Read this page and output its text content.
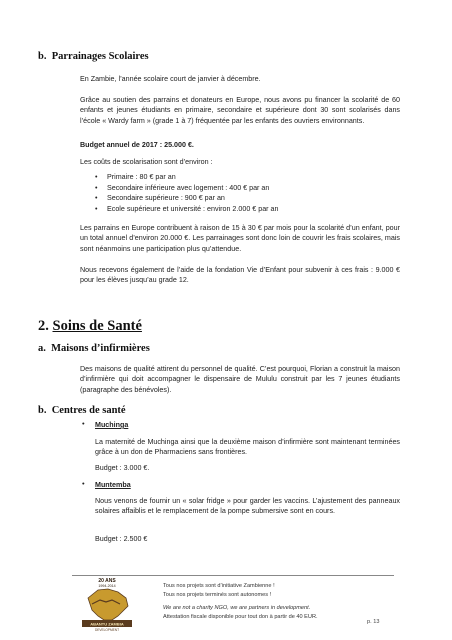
b.  Parrainages Scolaires
En Zambie, l’année scolaire court de janvier à décembre.
Grâce au soutien des parrains et donateurs en Europe, nous avons pu financer la scolarité de 60 enfants et jeunes étudiants en primaire, secondaire et supérieure dont 30 sont scolarisés dans l’école « Wardy farm » (grade 1 à 7) fréquentée par les enfants des ouvriers environnants.
Budget annuel de 2017 : 25.000 €.
Les coûts de scolarisation sont d’environ :
• Primaire : 80 € par an
• Secondaire inférieure avec logement : 400 € par an
• Secondaire supérieure : 900 € par an
• Ecole supérieure et université : environ 2.000 € par an
Les parrains en Europe contribuent à raison de 15 à 30 € par mois pour la scolarité d’un enfant, pour un total annuel d’environ 20.000 €. Les parrainages sont donc loin de couvrir les frais scolaires, mais sont néanmoins une participation plus qu’attendue.
Nous recevons également de l’aide de la fondation Vie d’Enfant pour subvenir à ces frais : 9.000 € pour les élèves jusqu’au grade 12.
2. Soins de Santé
a.  Maisons d’infirmières
Des maisons de qualité attirent du personnel de qualité. C’est pourquoi, Florian a construit la maison d’infirmière qui doit accompagner le dispensaire de Mululu construit par les 7 jeunes étudiants (paragraphe des bénévoles).
b.  Centres de santé
• Muchinga
La maternité de Muchinga ainsi que la deuxième maison d’infirmière sont maintenant terminées grâce à un don de Pharmaciens sans frontières.
Budget : 3.000 €.
• Muntemba
Nous venons de fournir un « solar fridge » pour garder les vaccins. L’ajustement des panneaux solaires affaiblis et le remplacement de la pompe submersive sont en cours.
Budget : 2.500 €
20 ANS
1994-2014
ABANTU ZAMBIA
DEVELOPMENT
Tous nos projets sont d’initiative Zambienne !
Tous nos projets terminés sont autonomes !
We are not a charity NGO, we are partners in development.
Attestation fiscale disponible pour tout don à partir de 40 EUR.
p. 13
